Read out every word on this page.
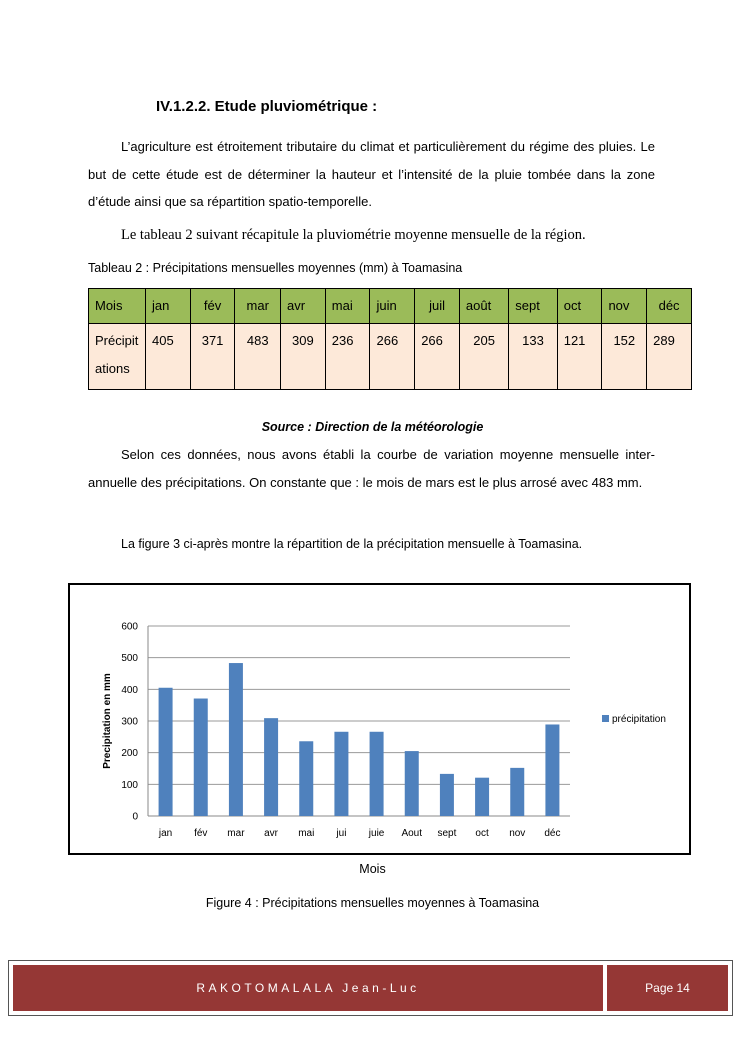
IV.1.2.2. Etude pluviométrique :
L’agriculture est étroitement tributaire du climat et particulièrement du régime des pluies. Le but de cette étude est de déterminer la hauteur et l’intensité de la pluie tombée dans la zone d’étude ainsi que sa répartition spatio-temporelle.
Le tableau 2 suivant récapitule la pluviométrie moyenne mensuelle de la région.
Tableau 2 : Précipitations mensuelles moyennes (mm) à Toamasina
Mois	jan	fév	mar	avr	mai	juin	juil	août	sept	oct	nov	déc
Précipitations	405	371	483	309	236	266	266	205	133	121	152	289
Source : Direction de la météorologie
Selon ces données, nous avons établi la courbe de variation moyenne mensuelle inter-annuelle des précipitations. On constante que : le mois de mars est le plus arrosé avec 483 mm.
La figure 3 ci-après montre la répartition de la précipitation mensuelle à Toamasina.
0
100
200
300
400
500
600
jan fév mar avr mai jui juie Aout sept oct nov déc
Precipitation en mm	précipitation
Mois
Figure 4 : Précipitations mensuelles moyennes à Toamasina
RAKOTOMALALA Jean-Luc	Page 14
